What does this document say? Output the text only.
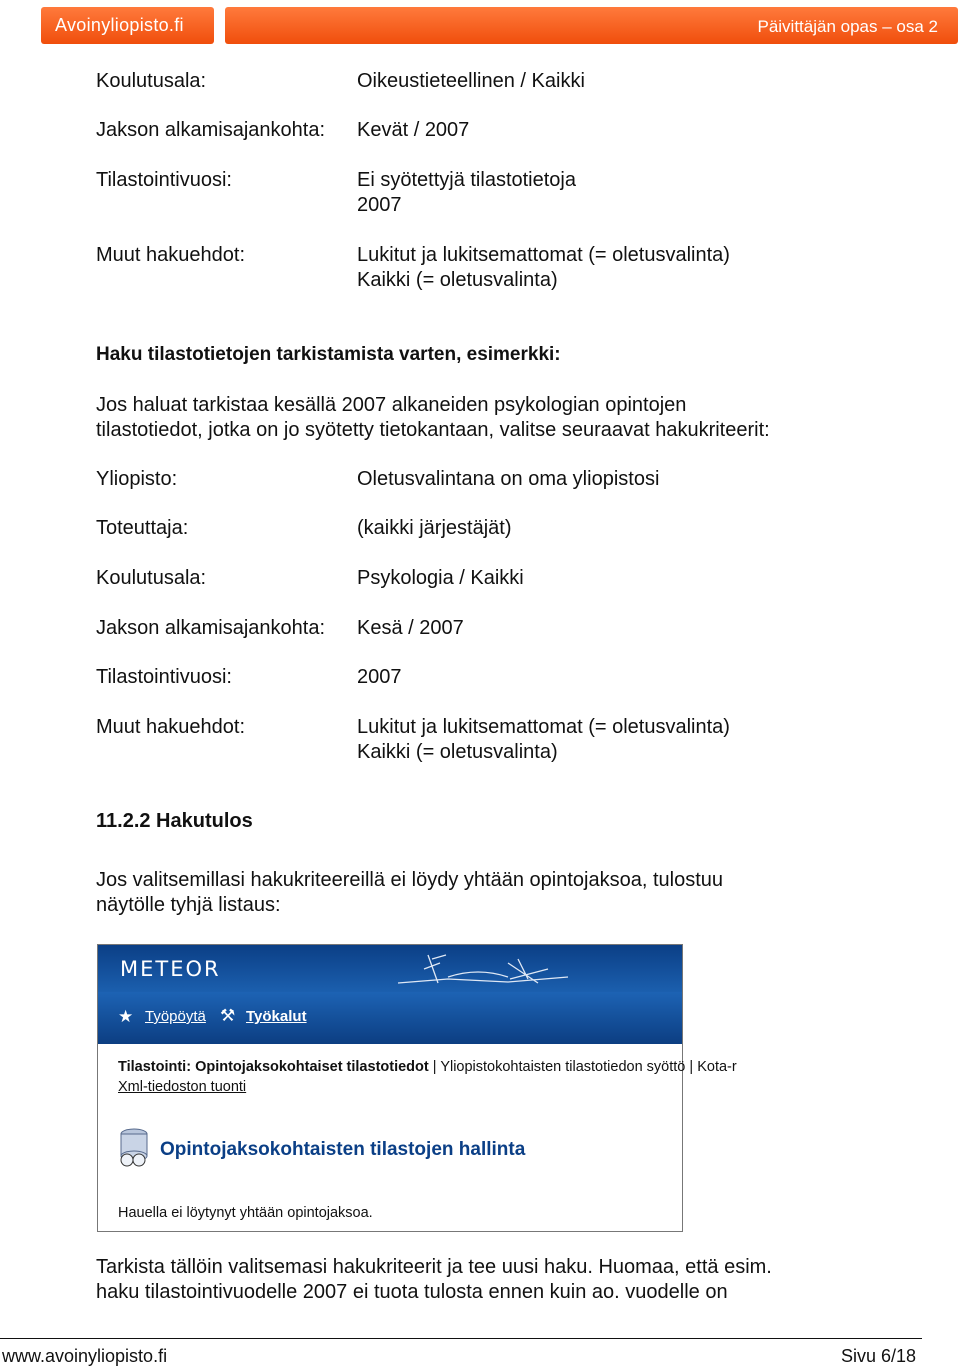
Avoinyliopisto.fi	Päivittäjän opas – osa 2
Koulutusala:	Oikeustieteellinen / Kaikki
Jakson alkamisajankohta: Kevät / 2007
Tilastointivuosi:	Ei syötettyjä tilastotietoja
2007
Muut hakuehdot:	Lukitut ja lukitsemattomat (= oletusvalinta)
Kaikki (= oletusvalinta)
Haku tilastotietojen tarkistamista varten, esimerkki:
Jos haluat tarkistaa kesällä 2007 alkaneiden psykologian opintojen
tilastotiedot, jotka on jo syötetty tietokantaan, valitse seuraavat hakukriteerit:
Yliopisto:	Oletusvalintana on oma yliopistosi
Toteuttaja:	(kaikki järjestäjät)
Koulutusala:	Psykologia / Kaikki
Jakson alkamisajankohta: Kesä / 2007
Tilastointivuosi:	2007
Muut hakuehdot:	Lukitut ja lukitsemattomat (= oletusvalinta)
Kaikki (= oletusvalinta)
11.2.2 Hakutulos
Jos valitsemillasi hakukriteereillä ei löydy yhtään opintojaksoa, tulostuu
näytölle tyhjä listaus:
METEOR
★ Työpöytä ⚒ Työkalut
Tilastointi: Opintojaksokohtaiset tilastotiedot | Yliopistokohtaisten tilastotiedon syöttö | Kota-r
Xml-tiedoston tuonti
Opintojaksokohtaisten tilastojen hallinta
Hauella ei löytynyt yhtään opintojaksoa.
Tarkista tällöin valitsemasi hakukriteerit ja tee uusi haku. Huomaa, että esim.
haku tilastointivuodelle 2007 ei tuota tulosta ennen kuin ao. vuodelle on
www.avoinyliopisto.fi	Sivu 6/18
